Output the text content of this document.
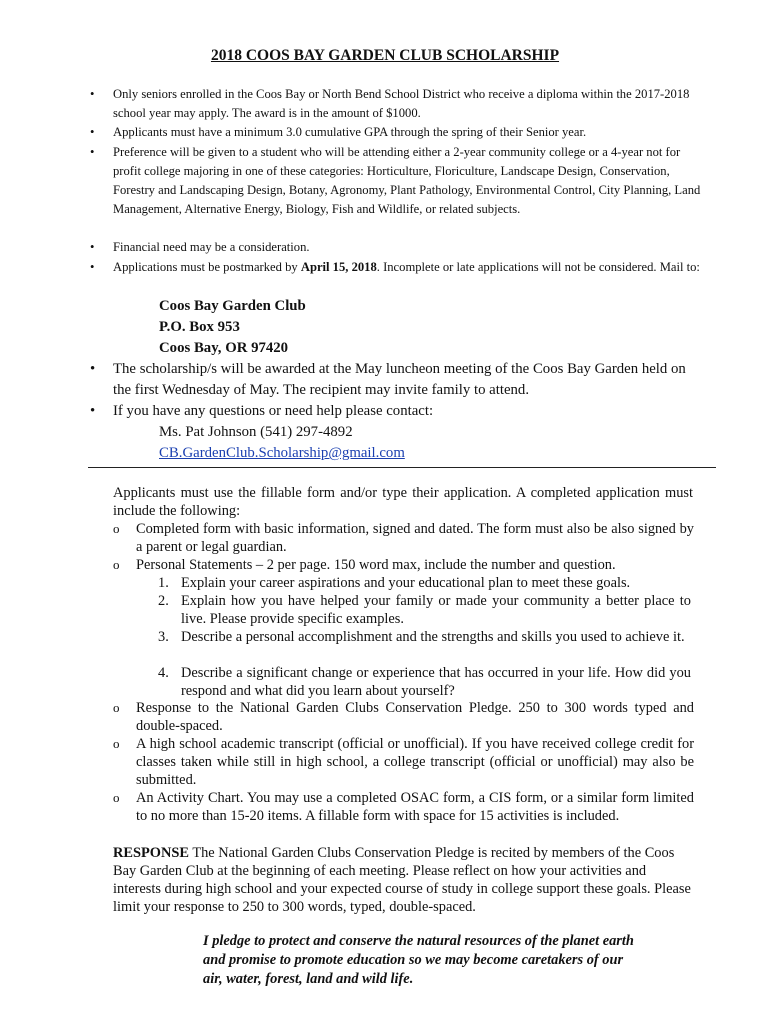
2018 COOS BAY GARDEN CLUB SCHOLARSHIP
• Only seniors enrolled in the Coos Bay or North Bend School District who receive a diploma within the 2017-2018 school year may apply. The award is in the amount of $1000.
• Applicants must have a minimum 3.0 cumulative GPA through the spring of their Senior year.
• Preference will be given to a student who will be attending either a 2-year community college or a 4-year not for profit college majoring in one of these categories: Horticulture, Floriculture, Landscape Design, Conservation, Forestry and Landscaping Design, Botany, Agronomy, Plant Pathology, Environmental Control, City Planning, Land Management, Alternative Energy, Biology, Fish and Wildlife, or related subjects.
• Financial need may be a consideration.
• Applications must be postmarked by April 15, 2018. Incomplete or late applications will not be considered. Mail to:
Coos Bay Garden Club
P.O. Box 953
Coos Bay, OR 97420
• The scholarship/s will be awarded at the May luncheon meeting of the Coos Bay Garden held on the first Wednesday of May. The recipient may invite family to attend.
• If you have any questions or need help please contact:
Ms. Pat Johnson (541) 297-4892
CB.GardenClub.Scholarship@gmail.com
Applicants must use the fillable form and/or type their application. A completed application must include the following:
o Completed form with basic information, signed and dated. The form must also be also signed by a parent or legal guardian.
o Personal Statements – 2 per page. 150 word max, include the number and question.
1. Explain your career aspirations and your educational plan to meet these goals.
2. Explain how you have helped your family or made your community a better place to live. Please provide specific examples.
3. Describe a personal accomplishment and the strengths and skills you used to achieve it.
4. Describe a significant change or experience that has occurred in your life. How did you respond and what did you learn about yourself?
o Response to the National Garden Clubs Conservation Pledge. 250 to 300 words typed and double-spaced.
o A high school academic transcript (official or unofficial). If you have received college credit for classes taken while still in high school, a college transcript (official or unofficial) may also be submitted.
o An Activity Chart. You may use a completed OSAC form, a CIS form, or a similar form limited to no more than 15-20 items. A fillable form with space for 15 activities is included.
RESPONSE The National Garden Clubs Conservation Pledge is recited by members of the Coos Bay Garden Club at the beginning of each meeting. Please reflect on how your activities and interests during high school and your expected course of study in college support these goals. Please limit your response to 250 to 300 words, typed, double-spaced.
I pledge to protect and conserve the natural resources of the planet earth and promise to promote education so we may become caretakers of our air, water, forest, land and wild life.
